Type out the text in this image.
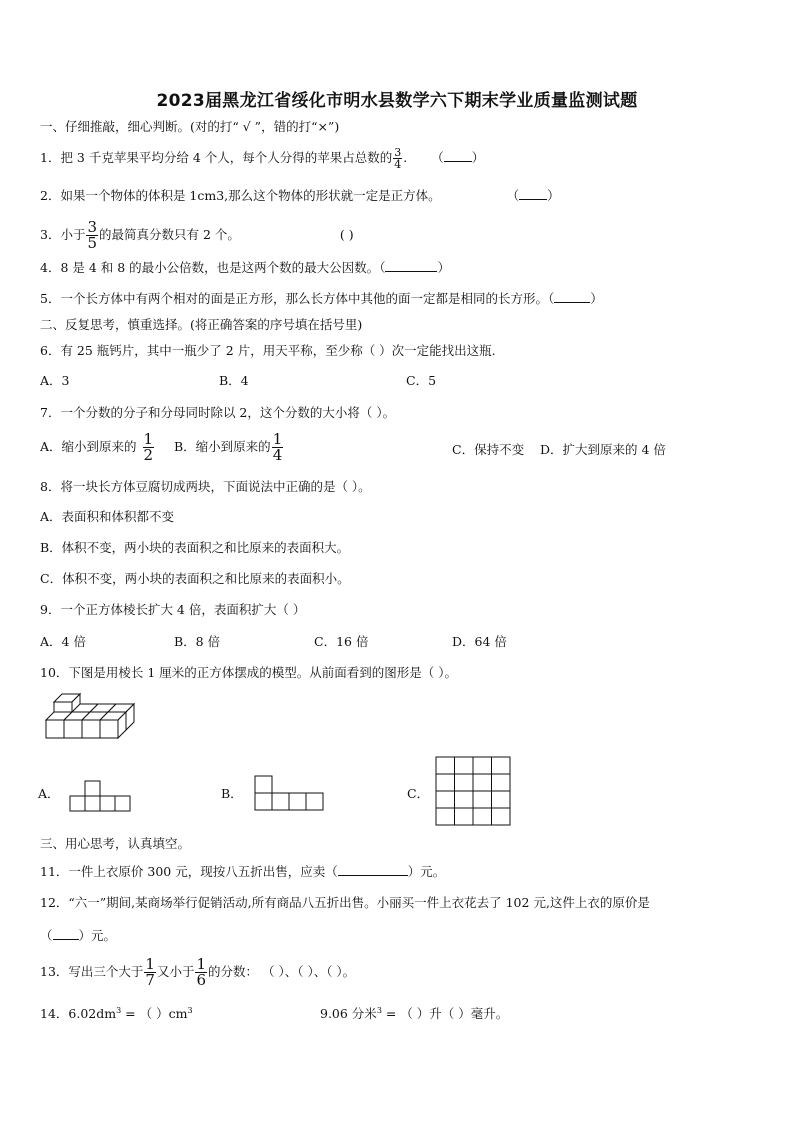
2023届黑龙江省绥化市明水县数学六下期末学业质量监测试题
一、仔细推敲，细心判断。(对的打“ √ ”，错的打“×”)
1．把 3 千克苹果平均分给 4 个人，每个人分得的苹果占总数的 $\frac{3}{4}$ . （ ）
2．如果一个物体的体积是 1cm3,那么这个物体的形状就一定是正方体。	（ ）
3．小于 $\frac{3}{5}$ 的最简真分数只有 2 个。	( )
4．8 是 4 和 8 的最小公倍数，也是这两个数的最大公因数。（	）
5．一个长方体中有两个相对的面是正方形，那么长方体中其他的面一定都是相同的长方形。（	）
二、反复思考，慎重选择。(将正确答案的序号填在括号里)
6．有 25 瓶钙片，其中一瓶少了 2 片，用天平称，至少称（ ）次一定能找出这瓶.
A．3	B．4	C．5
7．一个分数的分子和分母同时除以 2，这个分数的大小将（ ）。
A．缩小到原来的 $\frac{1}{2}$ B．缩小到原来的 $\frac{1}{4}$	C．保持不变 D．扩大到原来的 4 倍
8．将一块长方体豆腐切成两块，下面说法中正确的是（ ）。
A．表面积和体积都不变
B．体积不变，两小块的表面积之和比原来的表面积大。
C．体积不变，两小块的表面积之和比原来的表面积小。
9．一个正方体棱长扩大 4 倍，表面积扩大（ ）
A．4 倍	B．8 倍	C．16 倍	D．64 倍
10．下图是用棱长 1 厘米的正方体摆成的模型。从前面看到的图形是（ ）。
A．	B．	C．
三、用心思考，认真填空。
11．一件上衣原价 300 元，现按八五折出售，应卖（	）元。
12．“六一”期间,某商场举行促销活动,所有商品八五折出售。小丽买一件上衣花去了 102 元,这件上衣的原价是
（ ）元。
13．写出三个大于 $\frac{1}{7}$ 又小于 $\frac{1}{6}$ 的分数： （ ）、（ ）、（ ）。
14．$6.02dm^3$ = （ ）$cm^3$	9.06 分米$^3$ = （ ）升（ ）毫升。
